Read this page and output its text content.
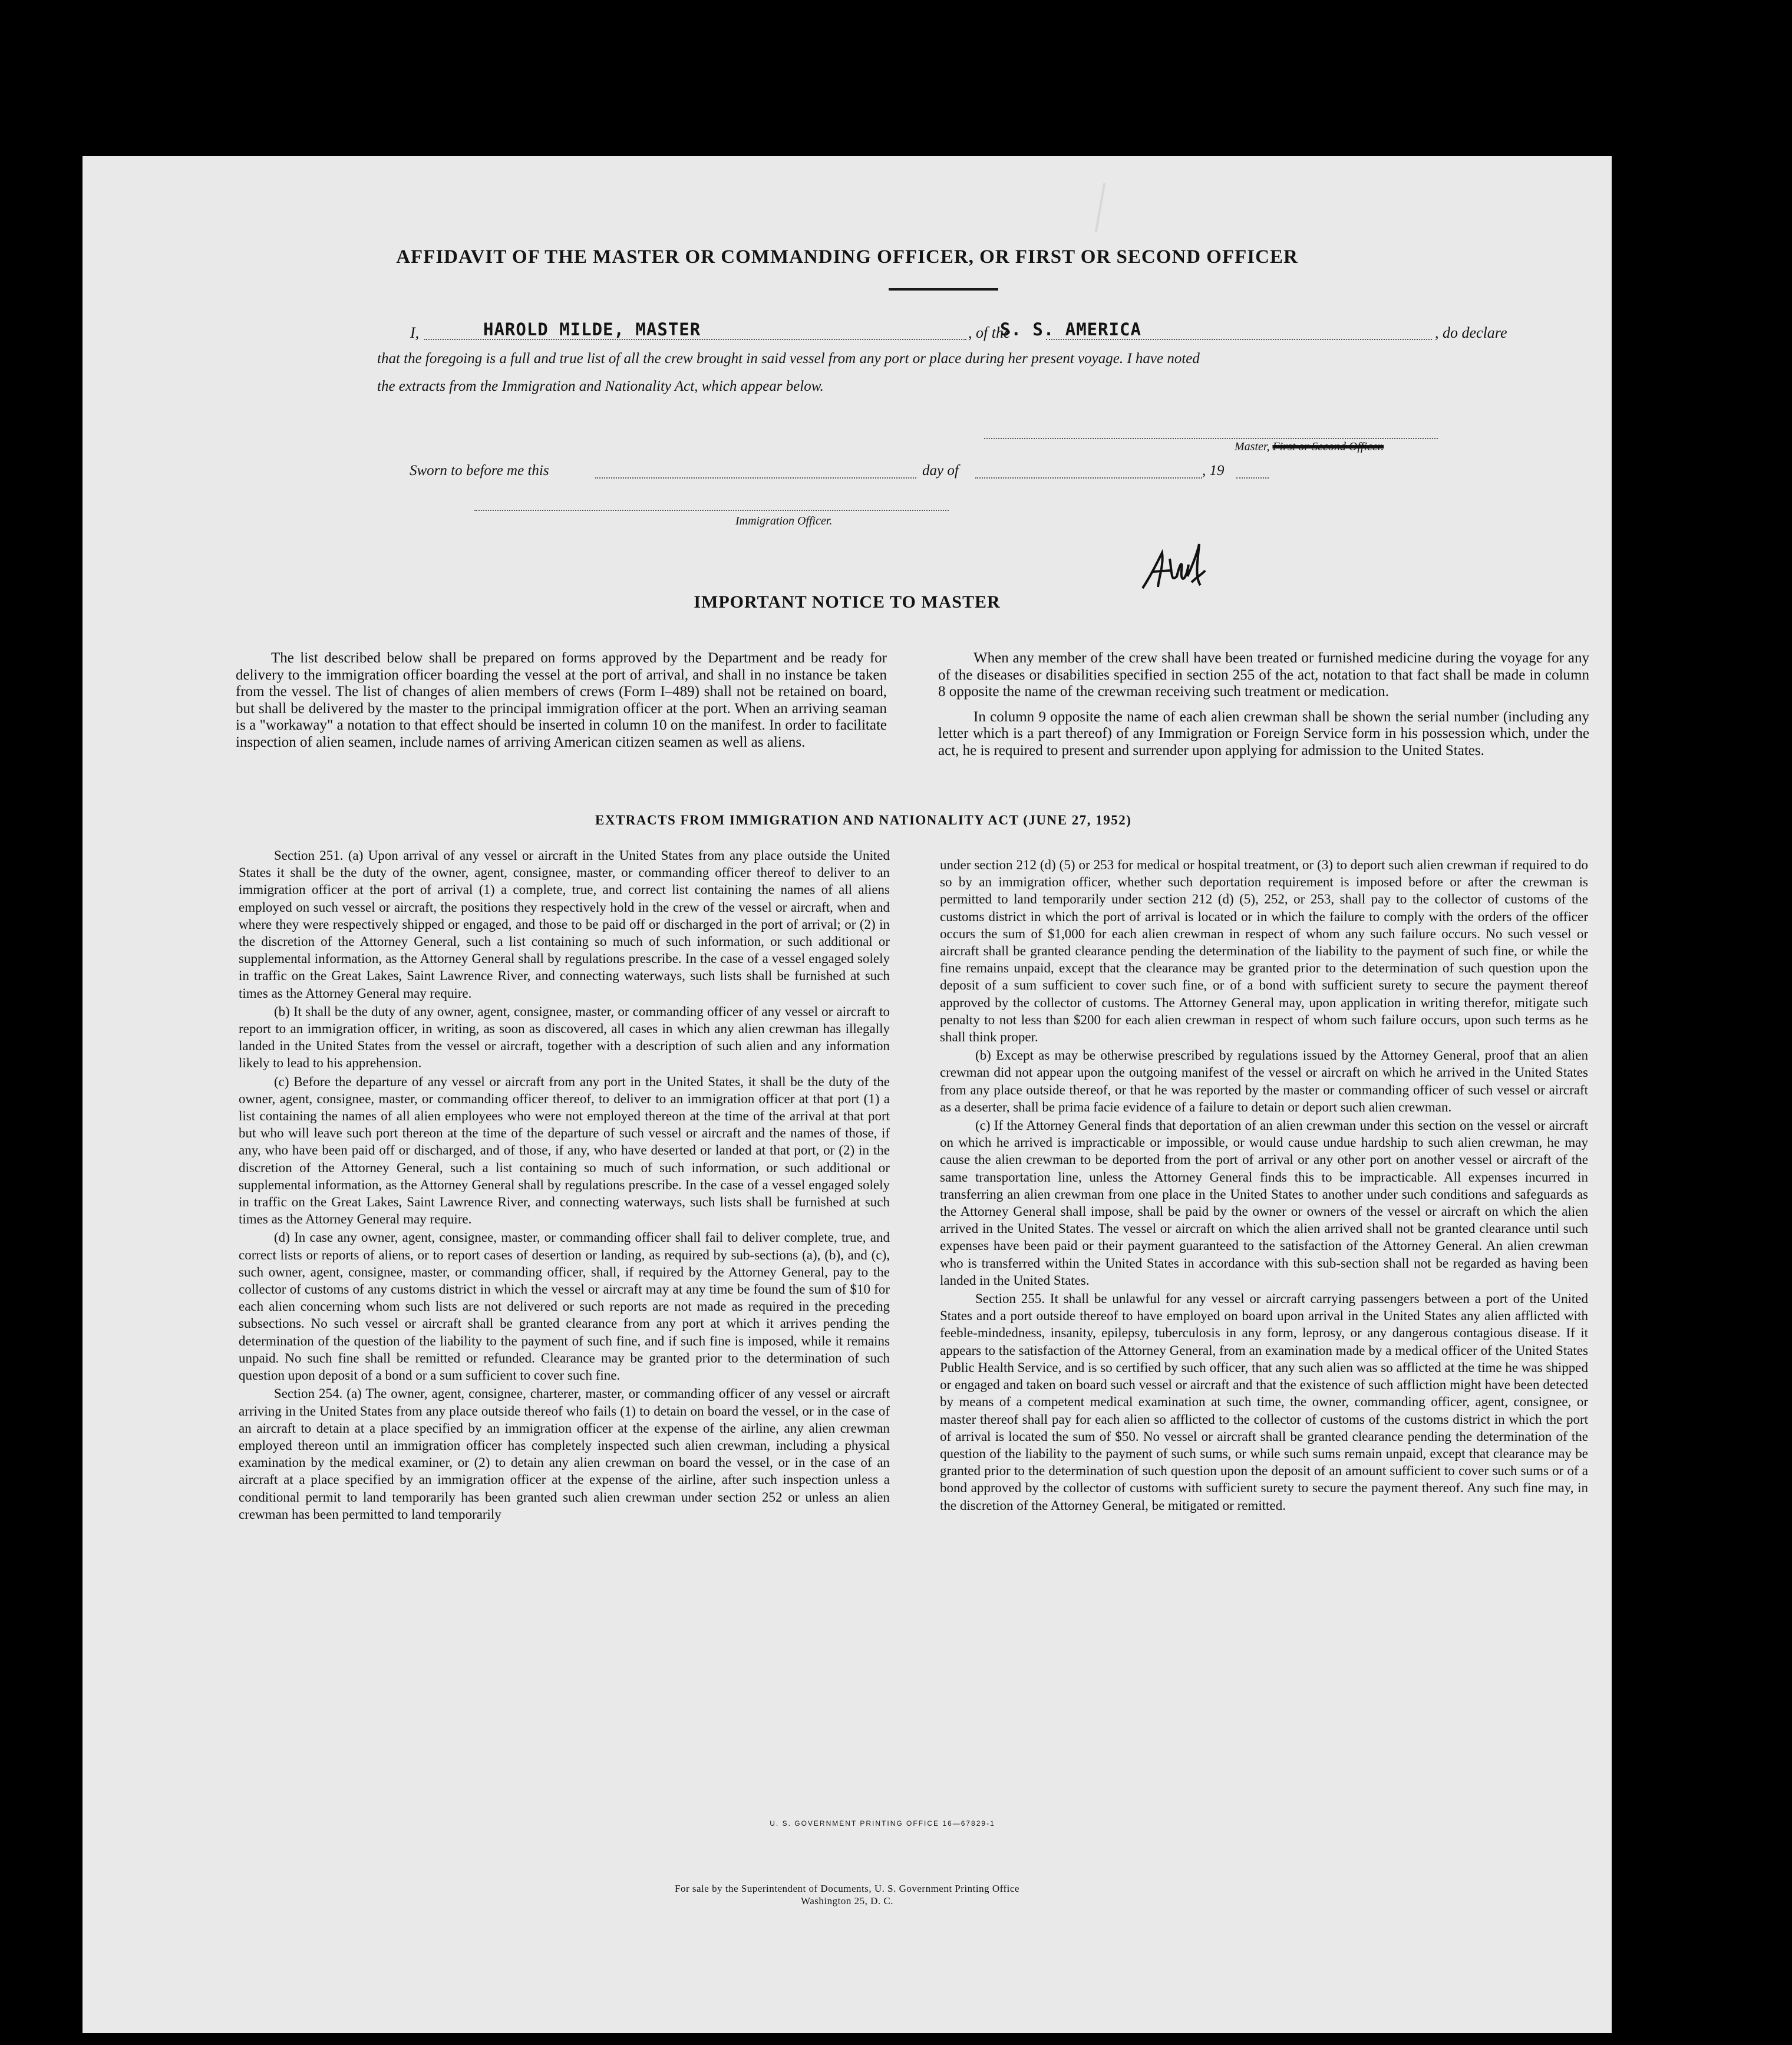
AFFIDAVIT OF THE MASTER OR COMMANDING OFFICER, OR FIRST OR SECOND OFFICER
I,	HAROLD MILDE, MASTER	, of the
S. S. AMERICA	, do declare
that the foregoing is a full and true list of all the crew brought in said vessel from any port or place during her present voyage. I have noted
the extracts from the Immigration and Nationality Act, which appear below.
Master, First or Second Officer.
Sworn to before me this	day of	, 19
Immigration Officer.
IMPORTANT NOTICE TO MASTER

The list described below shall be prepared on forms approved by the Department and be ready for delivery to the immigration officer boarding the vessel at the port of arrival, and shall in no instance be taken from the vessel. The list of changes of alien members of crews (Form I–489) shall not be retained on board, but shall be delivered by the master to the principal immigration officer at the port. When an arriving seaman is a "workaway" a notation to that effect should be inserted in column 10 on the manifest. In order to facilitate inspection of alien seamen, include names of arriving American citizen seamen as well as aliens.

When any member of the crew shall have been treated or furnished medicine during the voyage for any of the diseases or disabilities specified in section 255 of the act, notation to that fact shall be made in column 8 opposite the name of the crewman receiving such treatment or medication.

In column 9 opposite the name of each alien crewman shall be shown the serial number (including any letter which is a part thereof) of any Immigration or Foreign Service form in his possession which, under the act, he is required to present and surrender upon applying for admission to the United States.

EXTRACTS FROM IMMIGRATION AND NATIONALITY ACT (JUNE 27, 1952)

Section 251. (a) Upon arrival of any vessel or aircraft in the United States from any place outside the United States it shall be the duty of the owner, agent, consignee, master, or commanding officer thereof to deliver to an immigration officer at the port of arrival (1) a complete, true, and correct list containing the names of all aliens employed on such vessel or aircraft, the positions they respectively hold in the crew of the vessel or aircraft, when and where they were respectively shipped or engaged, and those to be paid off or discharged in the port of arrival; or (2) in the discretion of the Attorney General, such a list containing so much of such information, or such additional or supplemental information, as the Attorney General shall by regulations prescribe. In the case of a vessel engaged solely in traffic on the Great Lakes, Saint Lawrence River, and connecting waterways, such lists shall be furnished at such times as the Attorney General may require.

(b) It shall be the duty of any owner, agent, consignee, master, or commanding officer of any vessel or aircraft to report to an immigration officer, in writing, as soon as discovered, all cases in which any alien crewman has illegally landed in the United States from the vessel or aircraft, together with a description of such alien and any information likely to lead to his apprehension.

(c) Before the departure of any vessel or aircraft from any port in the United States, it shall be the duty of the owner, agent, consignee, master, or commanding officer thereof, to deliver to an immigration officer at that port (1) a list containing the names of all alien employees who were not employed thereon at the time of the arrival at that port but who will leave such port thereon at the time of the departure of such vessel or aircraft and the names of those, if any, who have been paid off or discharged, and of those, if any, who have deserted or landed at that port, or (2) in the discretion of the Attorney General, such a list containing so much of such information, or such additional or supplemental information, as the Attorney General shall by regulations prescribe. In the case of a vessel engaged solely in traffic on the Great Lakes, Saint Lawrence River, and connecting waterways, such lists shall be furnished at such times as the Attorney General may require.

(d) In case any owner, agent, consignee, master, or commanding officer shall fail to deliver complete, true, and correct lists or reports of aliens, or to report cases of desertion or landing, as required by sub-sections (a), (b), and (c), such owner, agent, consignee, master, or commanding officer, shall, if required by the Attorney General, pay to the collector of customs of any customs district in which the vessel or aircraft may at any time be found the sum of $10 for each alien concerning whom such lists are not delivered or such reports are not made as required in the preceding subsections. No such vessel or aircraft shall be granted clearance from any port at which it arrives pending the determination of the question of the liability to the payment of such fine, and if such fine is imposed, while it remains unpaid. No such fine shall be remitted or refunded. Clearance may be granted prior to the determination of such question upon deposit of a bond or a sum sufficient to cover such fine.

Section 254. (a) The owner, agent, consignee, charterer, master, or commanding officer of any vessel or aircraft arriving in the United States from any place outside thereof who fails (1) to detain on board the vessel, or in the case of an aircraft to detain at a place specified by an immigration officer at the expense of the airline, any alien crewman employed thereon until an immigration officer has completely inspected such alien crewman, including a physical examination by the medical examiner, or (2) to detain any alien crewman on board the vessel, or in the case of an aircraft at a place specified by an immigration officer at the expense of the airline, after such inspection unless a conditional permit to land temporarily has been granted such alien crewman under section 252 or unless an alien crewman has been permitted to land temporarily

under section 212 (d) (5) or 253 for medical or hospital treatment, or (3) to deport such alien crewman if required to do so by an immigration officer, whether such deportation requirement is imposed before or after the crewman is permitted to land temporarily under section 212 (d) (5), 252, or 253, shall pay to the collector of customs of the customs district in which the port of arrival is located or in which the failure to comply with the orders of the officer occurs the sum of $1,000 for each alien crewman in respect of whom any such failure occurs. No such vessel or aircraft shall be granted clearance pending the determination of the liability to the payment of such fine, or while the fine remains unpaid, except that the clearance may be granted prior to the determination of such question upon the deposit of a sum sufficient to cover such fine, or of a bond with sufficient surety to secure the payment thereof approved by the collector of customs. The Attorney General may, upon application in writing therefor, mitigate such penalty to not less than $200 for each alien crewman in respect of whom such failure occurs, upon such terms as he shall think proper.

(b) Except as may be otherwise prescribed by regulations issued by the Attorney General, proof that an alien crewman did not appear upon the outgoing manifest of the vessel or aircraft on which he arrived in the United States from any place outside thereof, or that he was reported by the master or commanding officer of such vessel or aircraft as a deserter, shall be prima facie evidence of a failure to detain or deport such alien crewman.

(c) If the Attorney General finds that deportation of an alien crewman under this section on the vessel or aircraft on which he arrived is impracticable or impossible, or would cause undue hardship to such alien crewman, he may cause the alien crewman to be deported from the port of arrival or any other port on another vessel or aircraft of the same transportation line, unless the Attorney General finds this to be impracticable. All expenses incurred in transferring an alien crewman from one place in the United States to another under such conditions and safeguards as the Attorney General shall impose, shall be paid by the owner or owners of the vessel or aircraft on which the alien arrived in the United States. The vessel or aircraft on which the alien arrived shall not be granted clearance until such expenses have been paid or their payment guaranteed to the satisfaction of the Attorney General. An alien crewman who is transferred within the United States in accordance with this sub-section shall not be regarded as having been landed in the United States.

Section 255. It shall be unlawful for any vessel or aircraft carrying passengers between a port of the United States and a port outside thereof to have employed on board upon arrival in the United States any alien afflicted with feeble-mindedness, insanity, epilepsy, tuberculosis in any form, leprosy, or any dangerous contagious disease. If it appears to the satisfaction of the Attorney General, from an examination made by a medical officer of the United States Public Health Service, and is so certified by such officer, that any such alien was so afflicted at the time he was shipped or engaged and taken on board such vessel or aircraft and that the existence of such affliction might have been detected by means of a competent medical examination at such time, the owner, commanding officer, agent, consignee, or master thereof shall pay for each alien so afflicted to the collector of customs of the customs district in which the port of arrival is located the sum of $50. No vessel or aircraft shall be granted clearance pending the determination of the question of the liability to the payment of such sums, or while such sums remain unpaid, except that clearance may be granted prior to the determination of such question upon the deposit of an amount sufficient to cover such sums or of a bond approved by the collector of customs with sufficient surety to secure the payment thereof. Any such fine may, in the discretion of the Attorney General, be mitigated or remitted.

U. S. GOVERNMENT PRINTING OFFICE 16—67829-1
For sale by the Superintendent of Documents, U. S. Government Printing Office
Washington 25, D. C.
